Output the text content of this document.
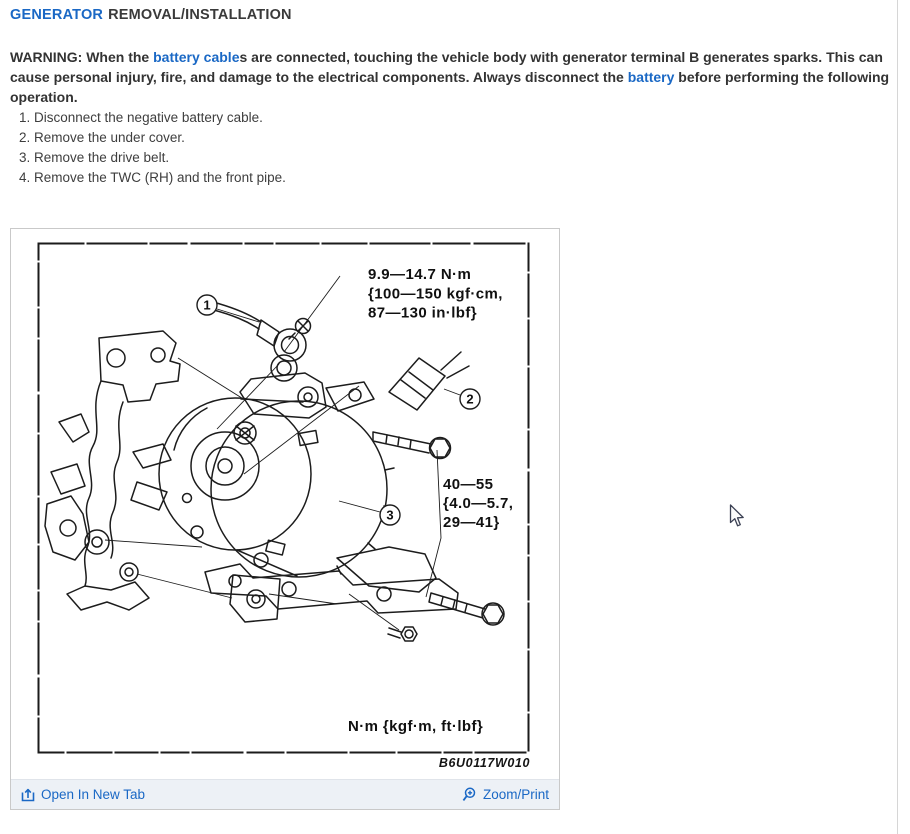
GENERATOR REMOVAL/INSTALLATION
WARNING: When the battery cables are connected, touching the vehicle body with generator terminal B generates sparks. This can cause personal injury, fire, and damage to the electrical components. Always disconnect the battery before performing the following operation.
1. Disconnect the negative battery cable.
2. Remove the under cover.
3. Remove the drive belt.
4. Remove the TWC (RH) and the front pipe.
1
2
3
9.9—14.7 N·m
{100—150 kgf·cm,
87—130 in·lbf}
40—55
{4.0—5.7,
29—41}
N·m {kgf·m, ft·lbf}
B6U0117W010
Open In New Tab	Zoom/Print
